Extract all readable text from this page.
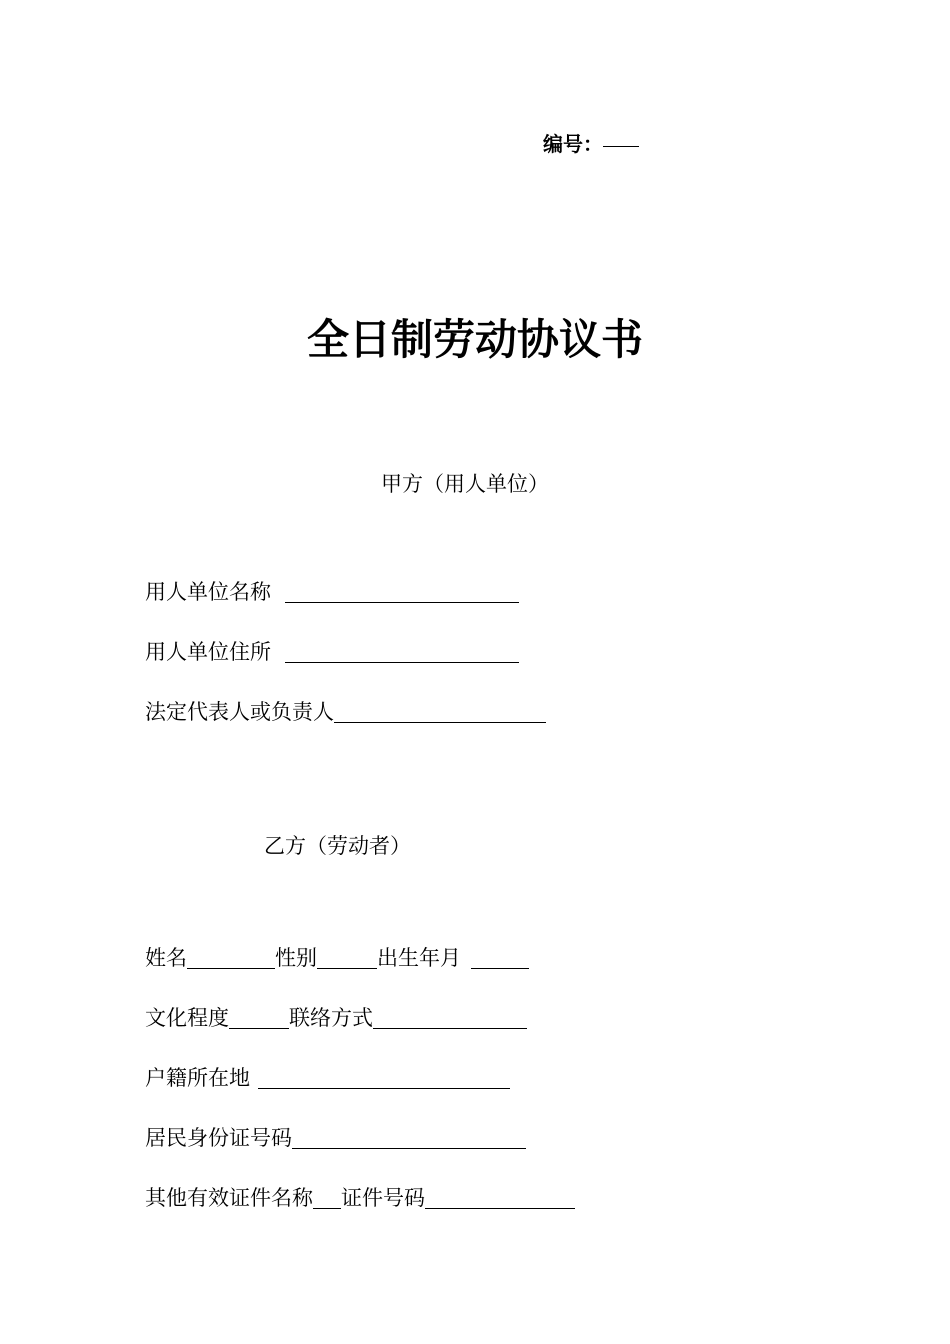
编号：
全日制劳动协议书
甲方（用人单位）
用人单位名称
用人单位住所
法定代表人或负责人
乙方（劳动者）
姓名	性别	出生年月
文化程度	联络方式
户籍所在地
居民身份证号码
其他有效证件名称 证件号码
